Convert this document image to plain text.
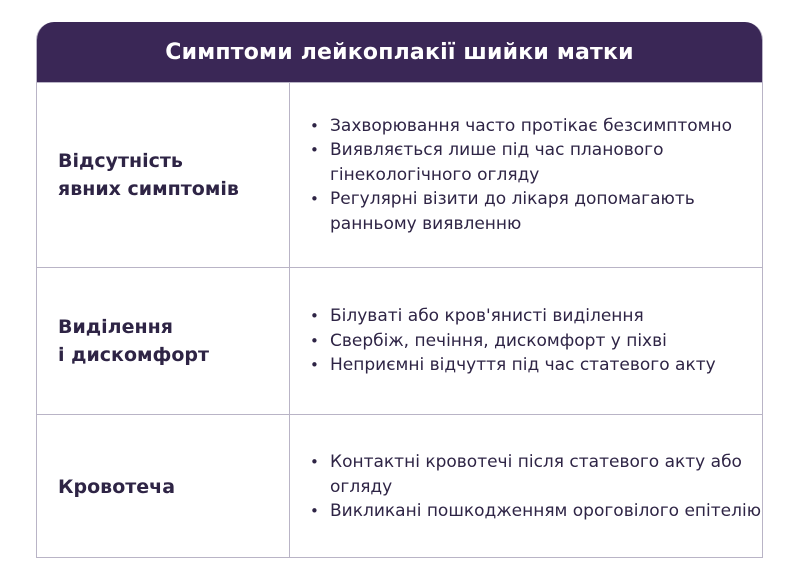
Симптоми лейкоплакії шийки матки
Відсутність
явних симптомів
• Захворювання часто протікає безсимптомно
• Виявляється лише під час планового гінекологічного огляду
• Регулярні візити до лікаря допомагають ранньому виявленню
Виділення
і дискомфорт
• Білуваті або кров'янисті виділення
• Свербіж, печіння, дискомфорт у піхві
• Неприємні відчуття під час статевого акту
Кровотеча
• Контактні кровотечі після статевого акту або огляду
• Викликані пошкодженням ороговілого епітелію
